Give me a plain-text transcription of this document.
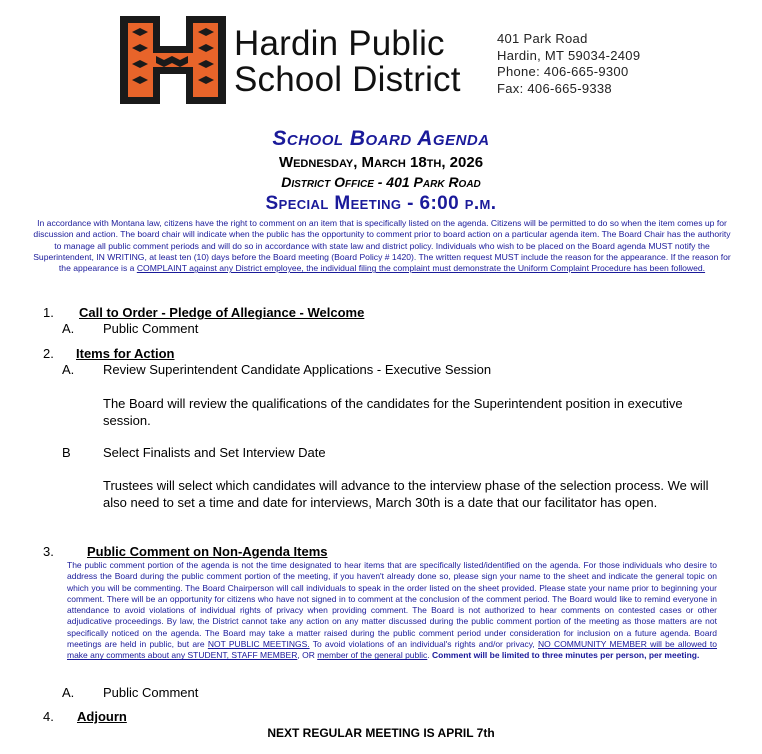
Hardin Public
School District
401 Park Road
Hardin, MT 59034-2409
Phone: 406-665-9300
Fax: 406-665-9338
School Board Agenda
Wednesday, March 18th, 2026
District Office - 401 Park Road
Special Meeting - 6:00 p.m.
In accordance with Montana law, citizens have the right to comment on an item that is specifically listed on the agenda. Citizens will be permitted to do so when the item comes up for discussion and action. The board chair will indicate when the public has the opportunity to comment prior to board action on a particular agenda item. The Board Chair has the authority to manage all public comment periods and will do so in accordance with state law and district policy. Individuals who wish to be placed on the Board agenda MUST notify the Superintendent, IN WRITING, at least ten (10) days before the Board meeting (Board Policy # 1420). The written request MUST include the reason for the appearance. If the reason for the appearance is a COMPLAINT against any District employee, the individual filing the complaint must demonstrate the Uniform Complaint Procedure has been followed.
1. Call to Order - Pledge of Allegiance - Welcome
A. Public Comment
2. Items for Action
A. Review Superintendent Candidate Applications - Executive Session
The Board will review the qualifications of the candidates for the Superintendent position in executive session.
B Select Finalists and Set Interview Date
Trustees will select which candidates will advance to the interview phase of the selection process. We will also need to set a time and date for interviews, March 30th is a date that our facilitator has open.
3.	Public Comment on Non-Agenda Items
The public comment portion of the agenda is not the time designated to hear items that are specifically listed/identified on the agenda. For those individuals who desire to address the Board during the public comment portion of the meeting, if you haven't already done so, please sign your name to the sheet and indicate the general topic on which you will be commenting. The Board Chairperson will call individuals to speak in the order listed on the sheet provided. Please state your name prior to beginning your comment. There will be an opportunity for citizens who have not signed in to comment at the conclusion of the comment period. The Board would like to remind everyone in attendance to avoid violations of individual rights of privacy when providing comment. The Board is not authorized to hear comments on contested cases or other adjudicative proceedings. By law, the District cannot take any action on any matter discussed during the public comment portion of the meeting as those matters are not specifically noticed on the agenda. The Board may take a matter raised during the public comment period under consideration for inclusion on a future agenda. Board meetings are held in public, but are NOT PUBLIC MEETINGS. To avoid violations of an individual's rights and/or privacy, NO COMMUNITY MEMBER will be allowed to make any comments about any STUDENT, STAFF MEMBER, OR member of the general public. Comment will be limited to three minutes per person, per meeting.
A. Public Comment
4. Adjourn
NEXT REGULAR MEETING IS APRIL 7th
